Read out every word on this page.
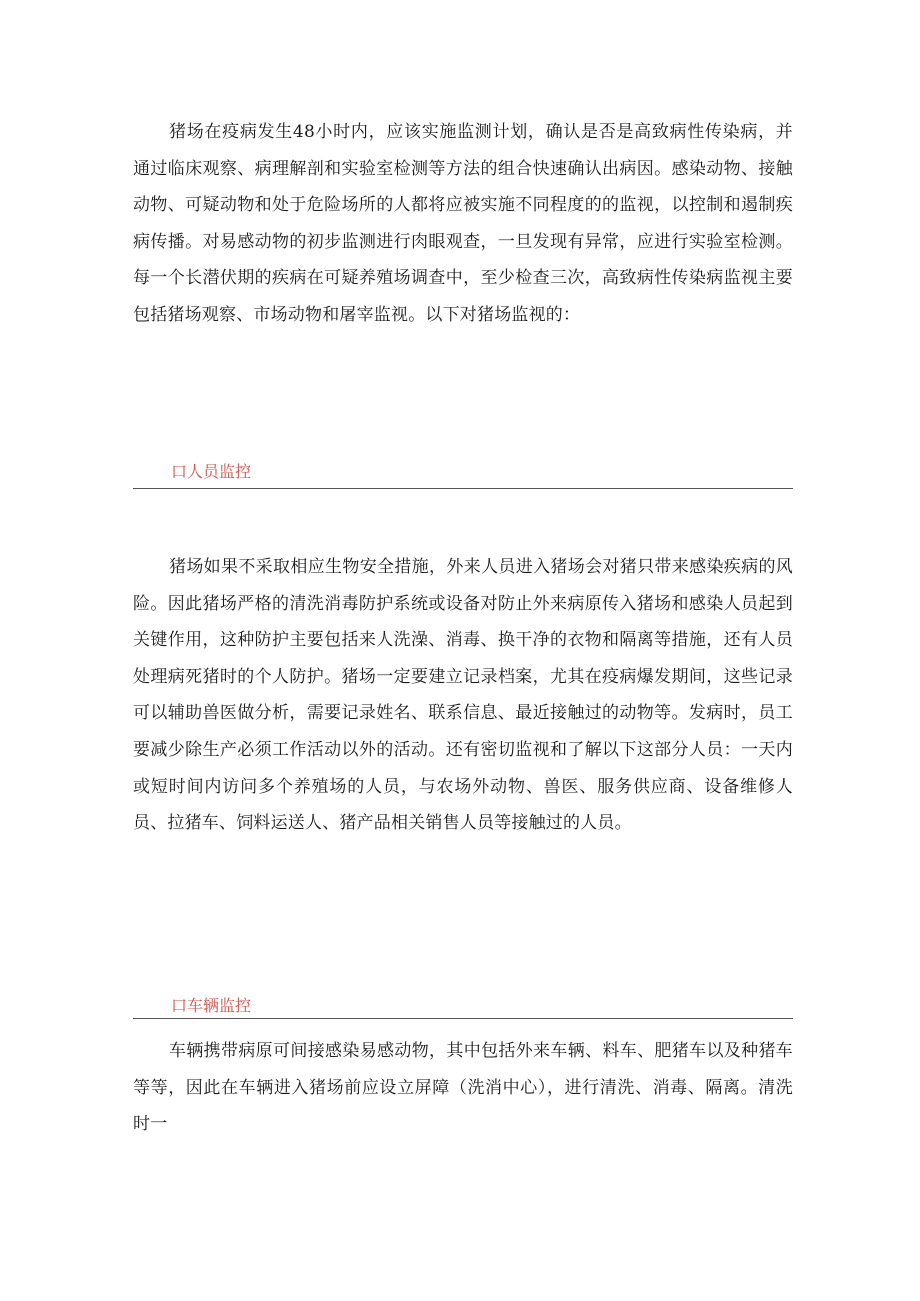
猪场在疫病发生48小时内，应该实施监测计划，确认是否是高致病性传染病，并通过临床观察、病理解剖和实验室检测等方法的组合快速确认出病因。感染动物、接触动物、可疑动物和处于危险场所的人都将应被实施不同程度的的监视，以控制和遏制疾病传播。对易感动物的初步监测进行肉眼观查，一旦发现有异常，应进行实验室检测。每一个长潜伏期的疾病在可疑养殖场调查中，至少检查三次，高致病性传染病监视主要包括猪场观察、市场动物和屠宰监视。以下对猪场监视的：

口人员监控

猪场如果不采取相应生物安全措施，外来人员进入猪场会对猪只带来感染疾病的风险。因此猪场严格的清洗消毒防护系统或设备对防止外来病原传入猪场和感染人员起到关键作用，这种防护主要包括来人洗澡、消毒、换干净的衣物和隔离等措施，还有人员处理病死猪时的个人防护。猪场一定要建立记录档案，尤其在疫病爆发期间，这些记录可以辅助兽医做分析，需要记录姓名、联系信息、最近接触过的动物等。发病时，员工要减少除生产必须工作活动以外的活动。还有密切监视和了解以下这部分人员：一天内或短时间内访问多个养殖场的人员，与农场外动物、兽医、服务供应商、设备维修人员、拉猪车、饲料运送人、猪产品相关销售人员等接触过的人员。

口车辆监控

车辆携带病原可间接感染易感动物，其中包括外来车辆、料车、肥猪车以及种猪车等等，因此在车辆进入猪场前应设立屏障（洗消中心），进行清洗、消毒、隔离。清洗时一
